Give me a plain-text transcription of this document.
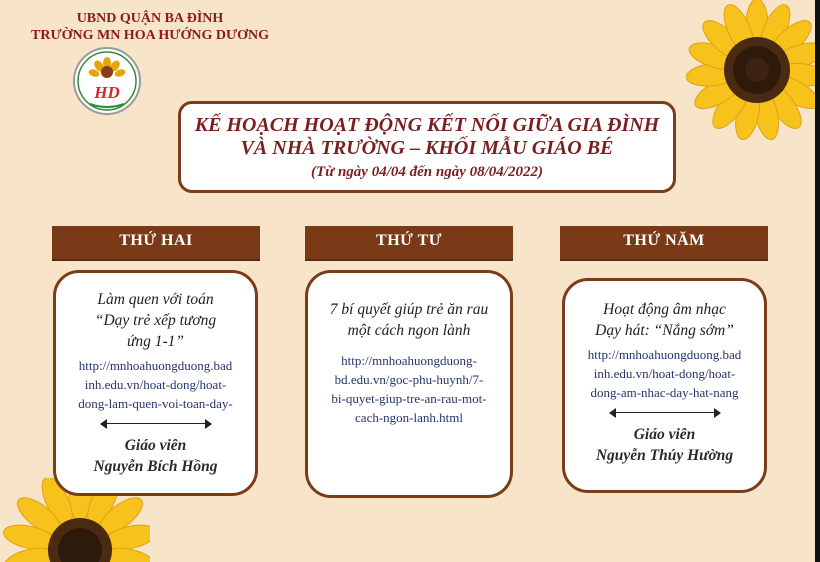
UBND QUẬN BA ĐÌNH
TRƯỜNG MN HOA HƯỚNG DƯƠNG
HD
KẾ HOẠCH HOẠT ĐỘNG KẾT NỐI GIỮA GIA ĐÌNH
VÀ NHÀ TRƯỜNG – KHỐI MẪU GIÁO BÉ
(Từ ngày 04/04 đến ngày 08/04/2022)
THỨ HAI	THỨ TƯ	THỨ NĂM
Làm quen với toán
“Dạy trẻ xếp tương
ứng 1-1”
http://mnhoahuongduong.bad
inh.edu.vn/hoat-dong/hoat-
dong-lam-quen-voi-toan-day-
Giáo viên
Nguyễn Bích Hồng
7 bí quyết giúp trẻ ăn rau
một cách ngon lành
http://mnhoahuongduong-
bd.edu.vn/goc-phu-huynh/7-
bi-quyet-giup-tre-an-rau-mot-
cach-ngon-lanh.html
Hoạt động âm nhạc
Dạy hát: “Nắng sớm”
http://mnhoahuongduong.bad
inh.edu.vn/hoat-dong/hoat-
dong-am-nhac-day-hat-nang
Giáo viên
Nguyễn Thúy Hường
